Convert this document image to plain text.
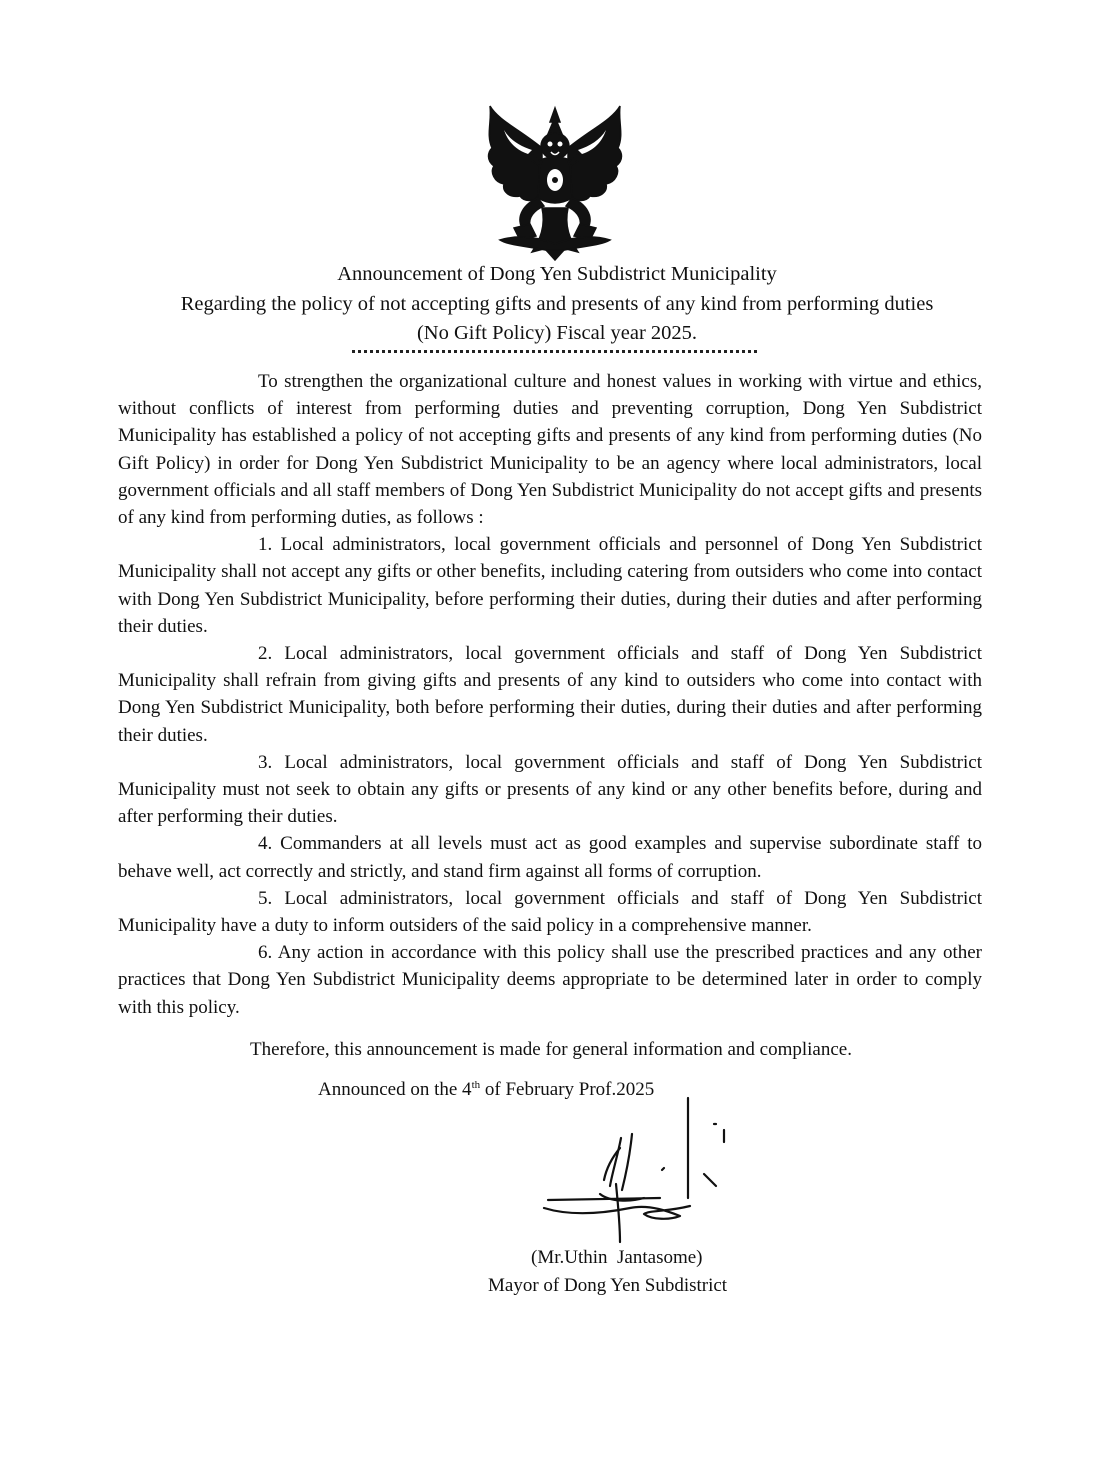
Announcement of Dong Yen Subdistrict Municipality
Regarding the policy of not accepting gifts and presents of any kind from performing duties
(No Gift Policy) Fiscal year 2025.

To strengthen the organizational culture and honest values in working with virtue and ethics, without conflicts of interest from performing duties and preventing corruption, Dong Yen Subdistrict Municipality has established a policy of not accepting gifts and presents of any kind from performing duties (No Gift Policy) in order for Dong Yen Subdistrict Municipality to be an agency where local administrators, local government officials and all staff members of Dong Yen Subdistrict Municipality do not accept gifts and presents of any kind from performing duties, as follows :

1. Local administrators, local government officials and personnel of Dong Yen Subdistrict Municipality shall not accept any gifts or other benefits, including catering from outsiders who come into contact with Dong Yen Subdistrict Municipality, before performing their duties, during their duties and after performing their duties.

2. Local administrators, local government officials and staff of Dong Yen Subdistrict Municipality shall refrain from giving gifts and presents of any kind to outsiders who come into contact with Dong Yen Subdistrict Municipality, both before performing their duties, during their duties and after performing their duties.

3. Local administrators, local government officials and staff of Dong Yen Subdistrict Municipality must not seek to obtain any gifts or presents of any kind or any other benefits before, during and after performing their duties.

4. Commanders at all levels must act as good examples and supervise subordinate staff to behave well, act correctly and strictly, and stand firm against all forms of corruption.

5. Local administrators, local government officials and staff of Dong Yen Subdistrict Municipality have a duty to inform outsiders of the said policy in a comprehensive manner.

6. Any action in accordance with this policy shall use the prescribed practices and any other practices that Dong Yen Subdistrict Municipality deems appropriate to be determined later in order to comply with this policy.

Therefore, this announcement is made for general information and compliance.
Announced on the 4th of February Prof.2025
(Mr.Uthin  Jantasome)
Mayor of Dong Yen Subdistrict
